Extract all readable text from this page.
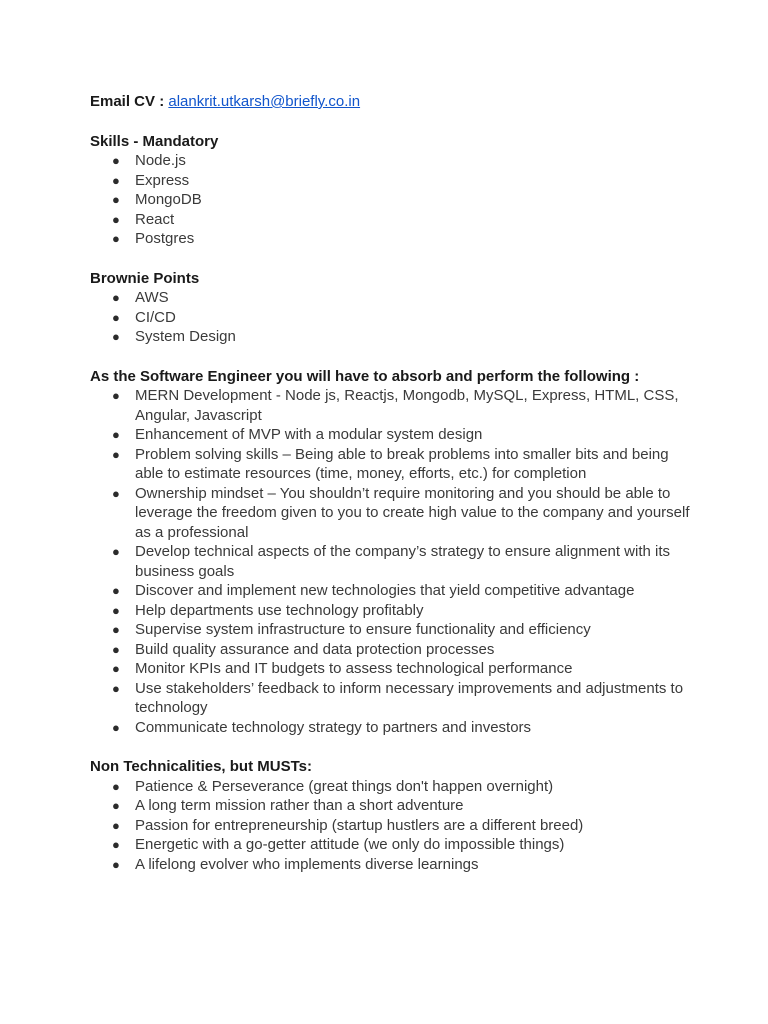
Email CV : alankrit.utkarsh@briefly.co.in

Skills - Mandatory

● Node.js
● Express
● MongoDB
● React
● Postgres

Brownie Points

● AWS
● CI/CD
● System Design

As the Software Engineer you will have to absorb and perform the following :

● MERN Development - Node js, Reactjs, Mongodb, MySQL, Express, HTML, CSS, Angular, Javascript
● Enhancement of MVP with a modular system design
● Problem solving skills – Being able to break problems into smaller bits and being able to estimate resources (time, money, efforts, etc.) for completion
● Ownership mindset – You shouldn’t require monitoring and you should be able to leverage the freedom given to you to create high value to the company and yourself as a professional
● Develop technical aspects of the company’s strategy to ensure alignment with its business goals
● Discover and implement new technologies that yield competitive advantage
● Help departments use technology profitably
● Supervise system infrastructure to ensure functionality and efficiency
● Build quality assurance and data protection processes
● Monitor KPIs and IT budgets to assess technological performance
● Use stakeholders’ feedback to inform necessary improvements and adjustments to technology
● Communicate technology strategy to partners and investors

Non Technicalities, but MUSTs:

● Patience & Perseverance (great things don't happen overnight)
● A long term mission rather than a short adventure
● Passion for entrepreneurship (startup hustlers are a different breed)
● Energetic with a go-getter attitude (we only do impossible things)
● A lifelong evolver who implements diverse learnings
